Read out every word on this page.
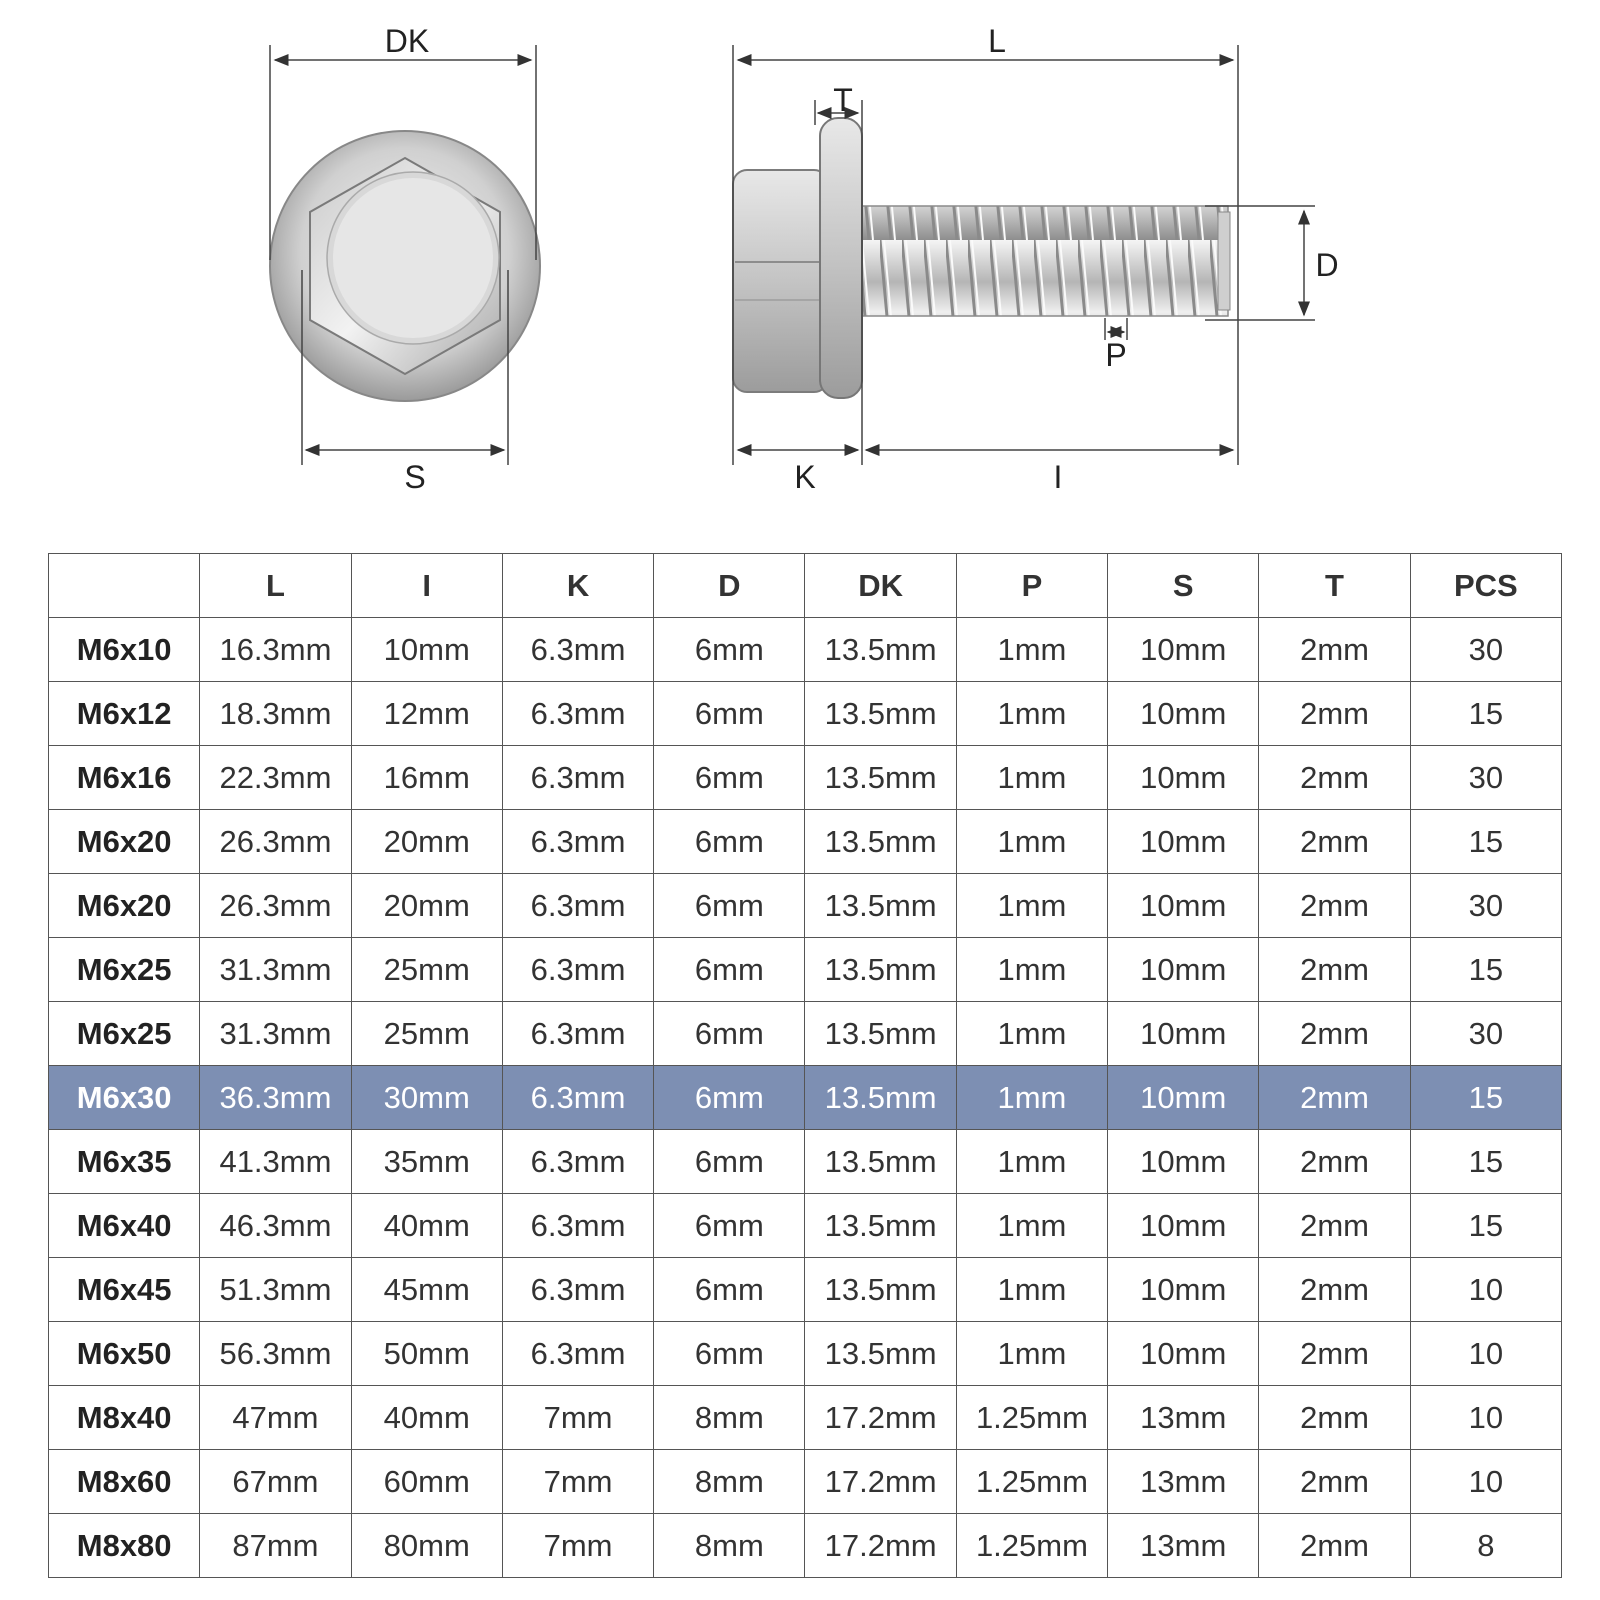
DK
S
L
T
D
P
K	I
	L	I	K	D	DK	P	S	T	PCS
M6x10	16.3mm	10mm	6.3mm	6mm	13.5mm	1mm	10mm	2mm	30
M6x12	18.3mm	12mm	6.3mm	6mm	13.5mm	1mm	10mm	2mm	15
M6x16	22.3mm	16mm	6.3mm	6mm	13.5mm	1mm	10mm	2mm	30
M6x20	26.3mm	20mm	6.3mm	6mm	13.5mm	1mm	10mm	2mm	15
M6x20	26.3mm	20mm	6.3mm	6mm	13.5mm	1mm	10mm	2mm	30
M6x25	31.3mm	25mm	6.3mm	6mm	13.5mm	1mm	10mm	2mm	15
M6x25	31.3mm	25mm	6.3mm	6mm	13.5mm	1mm	10mm	2mm	30
M6x30	36.3mm	30mm	6.3mm	6mm	13.5mm	1mm	10mm	2mm	15
M6x35	41.3mm	35mm	6.3mm	6mm	13.5mm	1mm	10mm	2mm	15
M6x40	46.3mm	40mm	6.3mm	6mm	13.5mm	1mm	10mm	2mm	15
M6x45	51.3mm	45mm	6.3mm	6mm	13.5mm	1mm	10mm	2mm	10
M6x50	56.3mm	50mm	6.3mm	6mm	13.5mm	1mm	10mm	2mm	10
M8x40	47mm	40mm	7mm	8mm	17.2mm	1.25mm	13mm	2mm	10
M8x60	67mm	60mm	7mm	8mm	17.2mm	1.25mm	13mm	2mm	10
M8x80	87mm	80mm	7mm	8mm	17.2mm	1.25mm	13mm	2mm	8
